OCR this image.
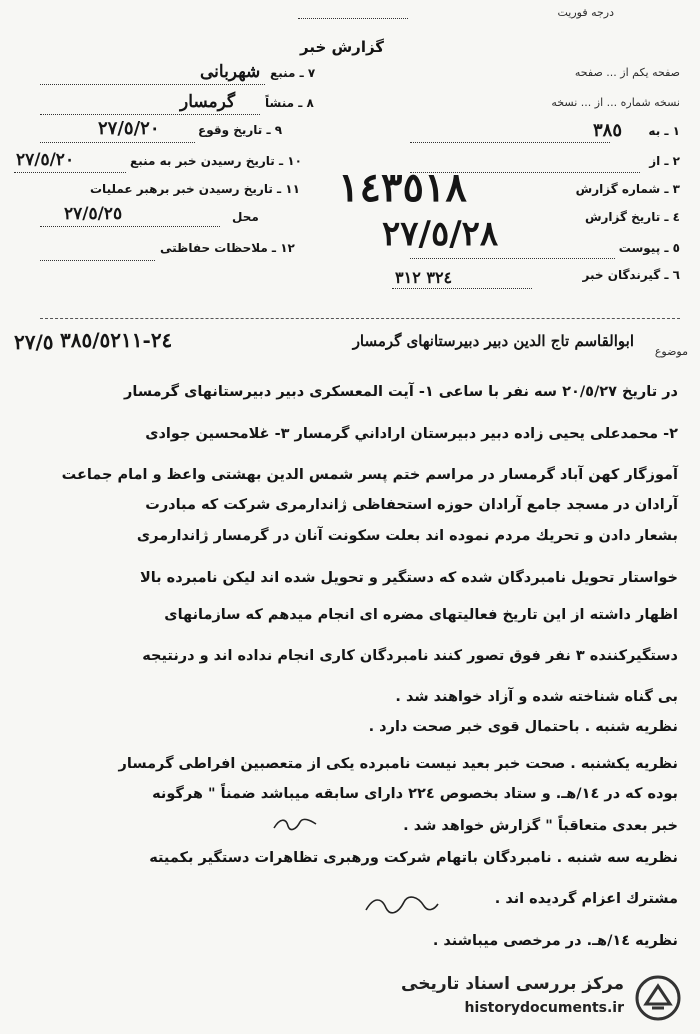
درجه فوريت
گزارش خبر
صفحه يكم از ... صفحه
نسخه شماره ... از ... نسخه
٧ ـ منبع
شهربانی
٨ ـ منشاً
گرمسار
٩ ـ تاريخ وقوع
٢٧/٥/٢٠
١٠ ـ تاريخ رسيدن خبر به منبع
٢٧/٥/٢٠
١١ ـ تاريخ رسيدن خبر برهبر عمليات
٢٧/٥/٢٥	محل
١٢ ـ ملاحظات حفاظتی
١ ـ به
٣٨٥
٢ ـ از
٣ ـ شماره گزارش
١٤٣٥١٨
٤ ـ تاريخ گزارش
٢٧/٥/٢٨	٥ ـ پيوست
٦ ـ گيرندگان خبر
٣٢٤ ٣١٢
موضوع
ابوالقاسم تاج الدين دبير دبيرستانهای گرمسار
٢٤-٣٨٥/٥٢١١
٢٧/٥
در تاريخ ٢٠/٥/٢٧ سه نفر با ساعی ١- آيت المعسكری دبير دبيرستانهای گرمسار
٢- محمدعلی يحيی زاده دبير دبيرستان اراداني گرمسار ٣- غلامحسين جوادی
آموزگار كهن آباد گرمسار در مراسم ختم پسر شمس الدين بهشتی واعظ و امام جماعت
آرادان در مسجد جامع آرادان حوزه استحفاظی ژاندارمری شركت كه مبادرت
بشعار دادن و تحريك مردم نموده اند بعلت سكونت آنان در گرمسار ژاندارمری
خواستار تحويل نامبردگان شده كه دستگير و تحويل شده اند ليكن نامبرده بالا
اظهار داشته از اين تاريخ فعاليتهای مضره ای انجام ميدهم كه سازمانهای
دستگيركننده ٣ نفر فوق تصور كنند نامبردگان كاری انجام نداده اند و درنتيجه
بی گناه شناخته شده و آزاد خواهند شد .
نظريه شنبه . باحتمال قوی خبر صحت دارد .
نظريه يكشنبه . صحت خبر بعيد نيست نامبرده يكی از متعصبين افراطی گرمسار
بوده كه در ١٤/هـ. و ستاد بخصوص ٢٢٤ دارای سابقه ميباشد ضمناً " هرگونه
خبر بعدی متعاقباً " گزارش خواهد شد .
نظريه سه شنبه . نامبردگان باتهام شركت ورهبری تظاهرات دستگير بكميته
مشترك اعزام گرديده اند .
نظريه ١٤/هـ. در مرخصی ميباشند .
مركز بررسی اسناد تاريخی
historydocuments.ir
